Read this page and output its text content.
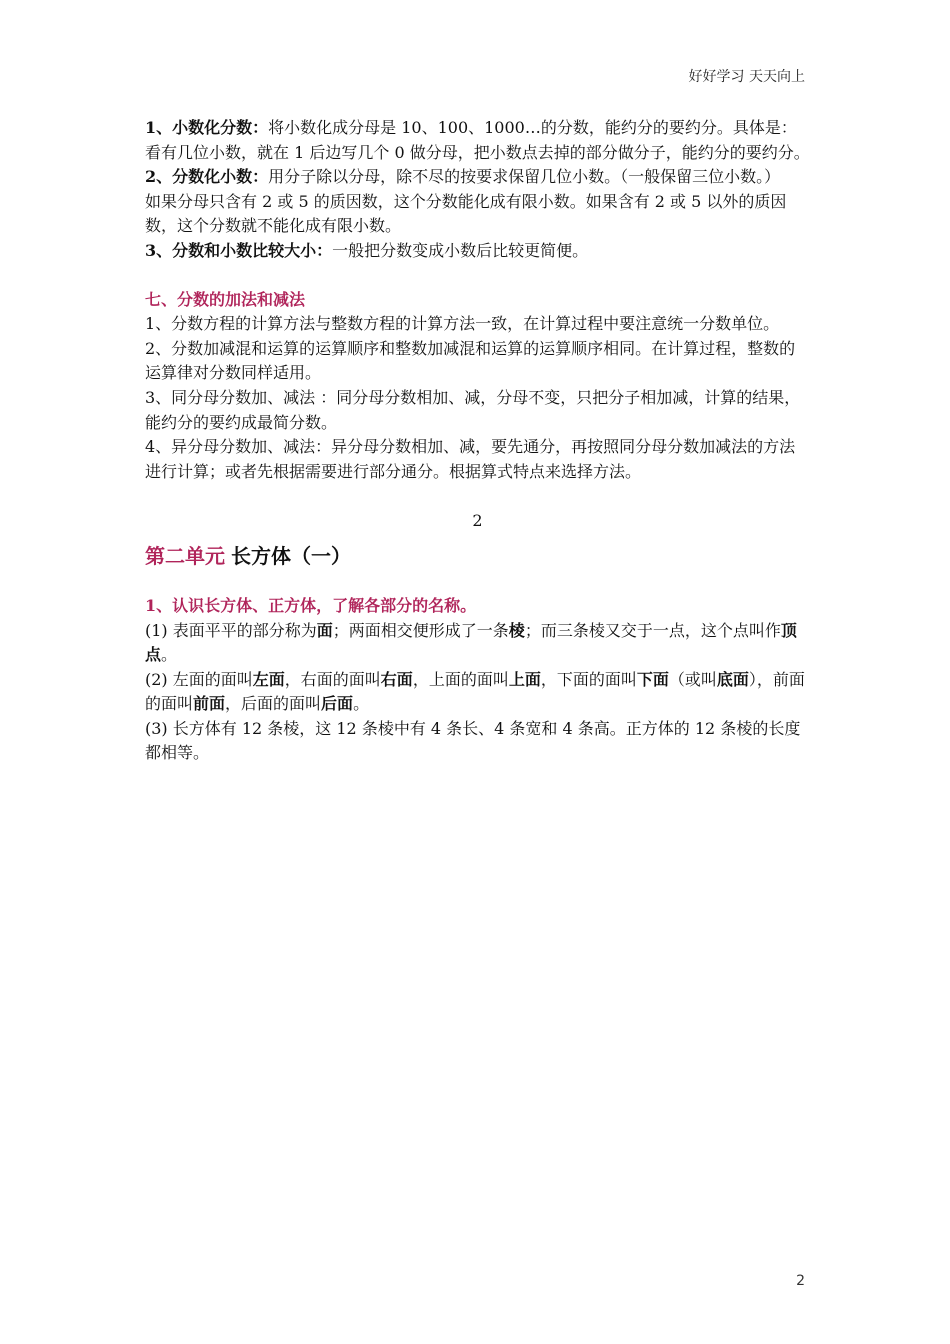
好好学习 天天向上

1、小数化分数：将小数化成分母是 10、100、1000…的分数，能约分的要约分。具体是：看有几位小数，就在 1 后边写几个 0 做分母，把小数点去掉的部分做分子，能约分的要约分。

2、分数化小数：用分子除以分母，除不尽的按要求保留几位小数。（一般保留三位小数。）

如果分母只含有 2 或 5 的质因数，这个分数能化成有限小数。如果含有 2 或 5 以外的质因数，这个分数就不能化成有限小数。

3、分数和小数比较大小：一般把分数变成小数后比较更简便。

七、分数的加法和减法

1、分数方程的计算方法与整数方程的计算方法一致，在计算过程中要注意统一分数单位。

2、分数加减混和运算的运算顺序和整数加减混和运算的运算顺序相同。在计算过程，整数的运算律对分数同样适用。

3、同分母分数加、减法 ：同分母分数相加、减，分母不变，只把分子相加减，计算的结果，能约分的要约成最简分数。

4、异分母分数加、减法：异分母分数相加、减，要先通分，再按照同分母分数加减法的方法进行计算；或者先根据需要进行部分通分。根据算式特点来选择方法。

2
第二单元 长方体（一）

1、认识长方体、正方体，了解各部分的名称。

(1) 表面平平的部分称为面；两面相交便形成了一条棱；而三条棱又交于一点，这个点叫作顶点。

(2) 左面的面叫左面，右面的面叫右面，上面的面叫上面，下面的面叫下面（或叫底面），前面的面叫前面，后面的面叫后面。

(3) 长方体有 12 条棱，这 12 条棱中有 4 条长、4 条宽和 4 条高。正方体的 12 条棱的长度都相等。

2
